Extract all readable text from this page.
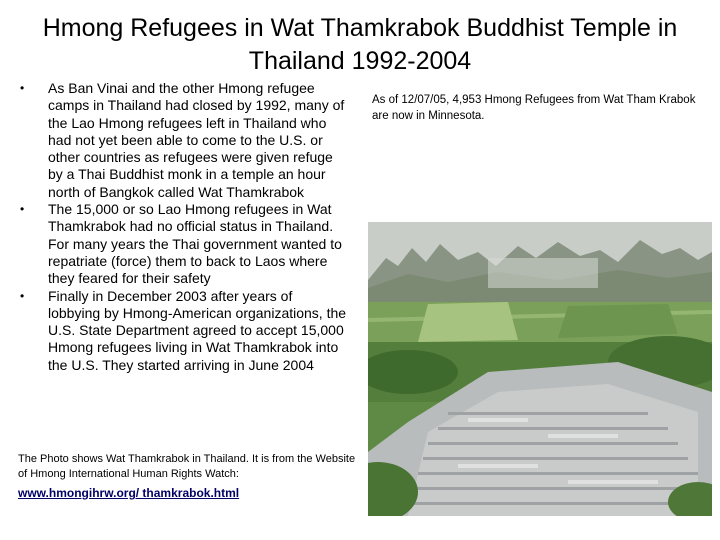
Hmong Refugees in Wat Thamkrabok Buddhist Temple in Thailand 1992-2004
• As Ban Vinai and the other Hmong refugee camps in Thailand had closed by 1992, many of the Lao Hmong refugees left in Thailand who had not yet been able to come to the U.S. or other countries as refugees were given refuge by a Thai Buddhist monk in a temple an hour north of Bangkok called Wat Thamkrabok
• The 15,000 or so Lao Hmong refugees in Wat Thamkrabok had no official status in Thailand. For many years the Thai government wanted to repatriate (force) them to back to Laos where they feared for their safety
• Finally in December 2003 after years of lobbying by Hmong-American organizations, the U.S. State Department agreed to accept 15,000 Hmong refugees living in Wat Thamkrabok into the U.S. They started arriving in June 2004

The Photo shows Wat Thamkrabok in Thailand. It is from the Website of Hmong International Human Rights Watch:

www.hmongihrw.org/ thamkrabok.html

As of 12/07/05, 4,953 Hmong Refugees from Wat Tham Krabok are now in Minnesota.
